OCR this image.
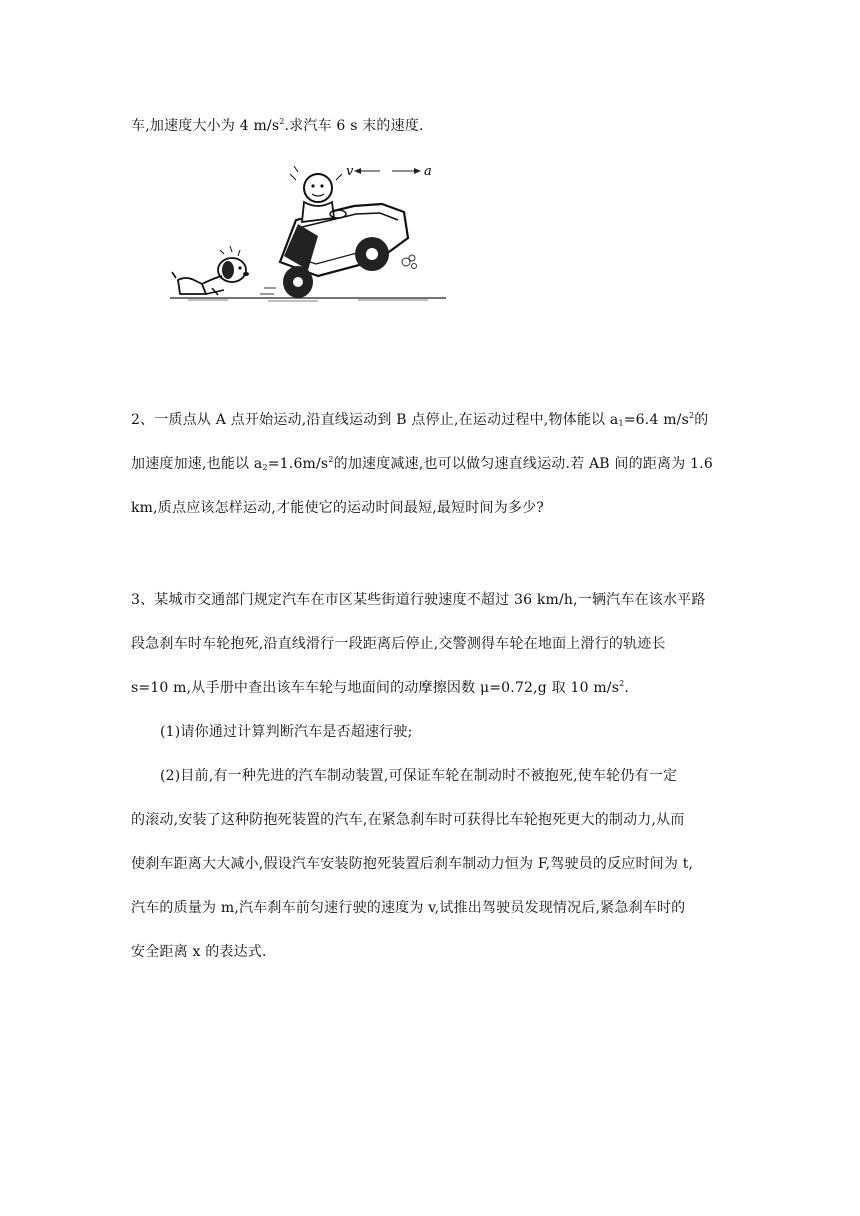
车,加速度大小为 4 $m/s^2$.求汽车 6 s 末的速度.
v	a
2、一质点从 A 点开始运动,沿直线运动到 B 点停止,在运动过程中,物体能以 $a_1=6.4$ $m/s^2$的
加速度加速,也能以 $a_2=1.6m/s^2$的加速度减速,也可以做匀速直线运动.若 AB 间的距离为 1.6
km,质点应该怎样运动,才能使它的运动时间最短,最短时间为多少?
3、某城市交通部门规定汽车在市区某些街道行驶速度不超过 36 km/h,一辆汽车在该水平路
段急刹车时车轮抱死,沿直线滑行一段距离后停止,交警测得车轮在地面上滑行的轨迹长
s=10 m,从手册中查出该车车轮与地面间的动摩擦因数 μ=0.72,g 取 10 $m/s^2$.
(1)请你通过计算判断汽车是否超速行驶;
(2)目前,有一种先进的汽车制动装置,可保证车轮在制动时不被抱死,使车轮仍有一定
的滚动,安装了这种防抱死装置的汽车,在紧急刹车时可获得比车轮抱死更大的制动力,从而
使刹车距离大大减小,假设汽车安装防抱死装置后刹车制动力恒为 F,驾驶员的反应时间为 t,
汽车的质量为 m,汽车刹车前匀速行驶的速度为 v,试推出驾驶员发现情况后,紧急刹车时的
安全距离 x 的表达式.
